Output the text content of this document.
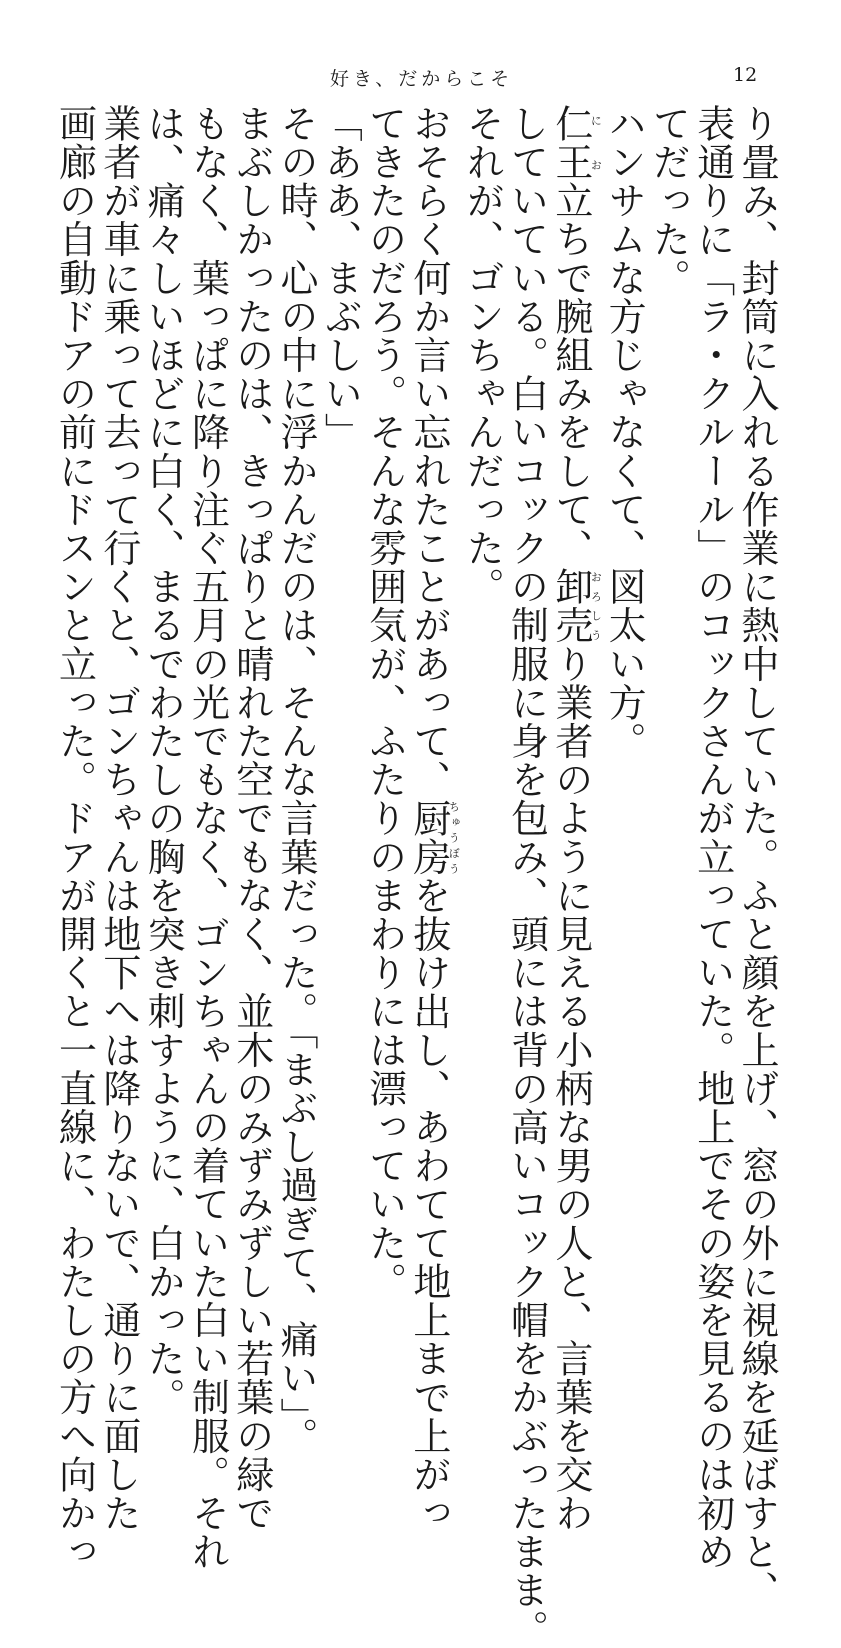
好き、だからこそ	12
り畳み、封筒に入れる作業に熱中していた。ふと顔を上げ、窓の外に視線を延ばすと、
表通りに「ラ・クルール」のコックさんが立っていた。地上でその姿を見るのは初め
てだった。
ハンサムな方じゃなくて、図太い方。
仁王にお立ちで腕組みをして、卸売おろしうり業者のように見える小柄な男の人と、言葉を交わ
していている。白いコックの制服に身を包み、頭には背の高いコック帽をかぶったまま。
それが、ゴンちゃんだった。
おそらく何か言い忘れたことがあって、厨房ちゅうぼうを抜け出し、あわてて地上まで上がっ
てきたのだろう。そんな雰囲気が、ふたりのまわりには漂っていた。
「ああ、まぶしい」
その時、心の中に浮かんだのは、そんな言葉だった。「まぶし過ぎて、痛い」。
まぶしかったのは、きっぱりと晴れた空でもなく、並木のみずみずしい若葉の緑で
もなく、葉っぱに降り注ぐ五月の光でもなく、ゴンちゃんの着ていた白い制服。それ
は、痛々しいほどに白く、まるでわたしの胸を突き刺すように、白かった。
業者が車に乗って去って行くと、ゴンちゃんは地下へは降りないで、通りに面した
画廊の自動ドアの前にドスンと立った。ドアが開くと一直線に、わたしの方へ向かっ
